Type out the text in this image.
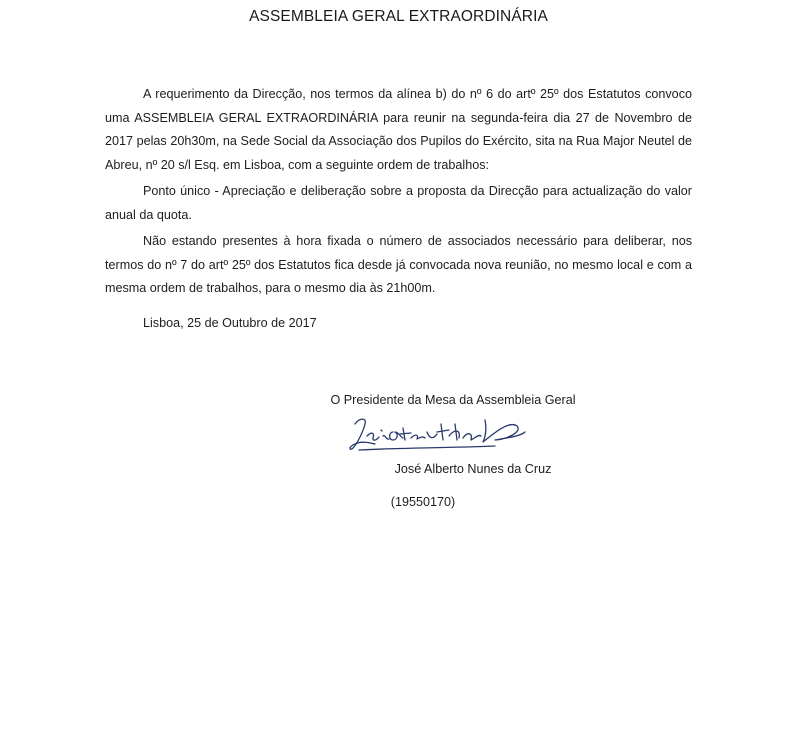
ASSEMBLEIA GERAL EXTRAORDINÁRIA

A requerimento da Direcção, nos termos da alínea b) do nº 6 do artº 25º dos Estatutos convoco uma ASSEMBLEIA GERAL EXTRAORDINÁRIA para reunir na segunda-feira dia 27 de Novembro de 2017 pelas 20h30m, na Sede Social da Associação dos Pupilos do Exército, sita na Rua Major Neutel de Abreu, nº 20 s/l Esq. em Lisboa, com a seguinte ordem de trabalhos:

Ponto único - Apreciação e deliberação sobre a proposta da Direcção para actualização do valor anual da quota.

Não estando presentes à hora fixada o número de associados necessário para deliberar, nos termos do nº 7 do artº 25º dos Estatutos fica desde já convocada nova reunião, no mesmo local e com a mesma ordem de trabalhos, para o mesmo dia às 21h00m.

Lisboa, 25 de Outubro de 2017

O Presidente da Mesa da Assembleia Geral
José Alberto Nunes da Cruz
(19550170)
